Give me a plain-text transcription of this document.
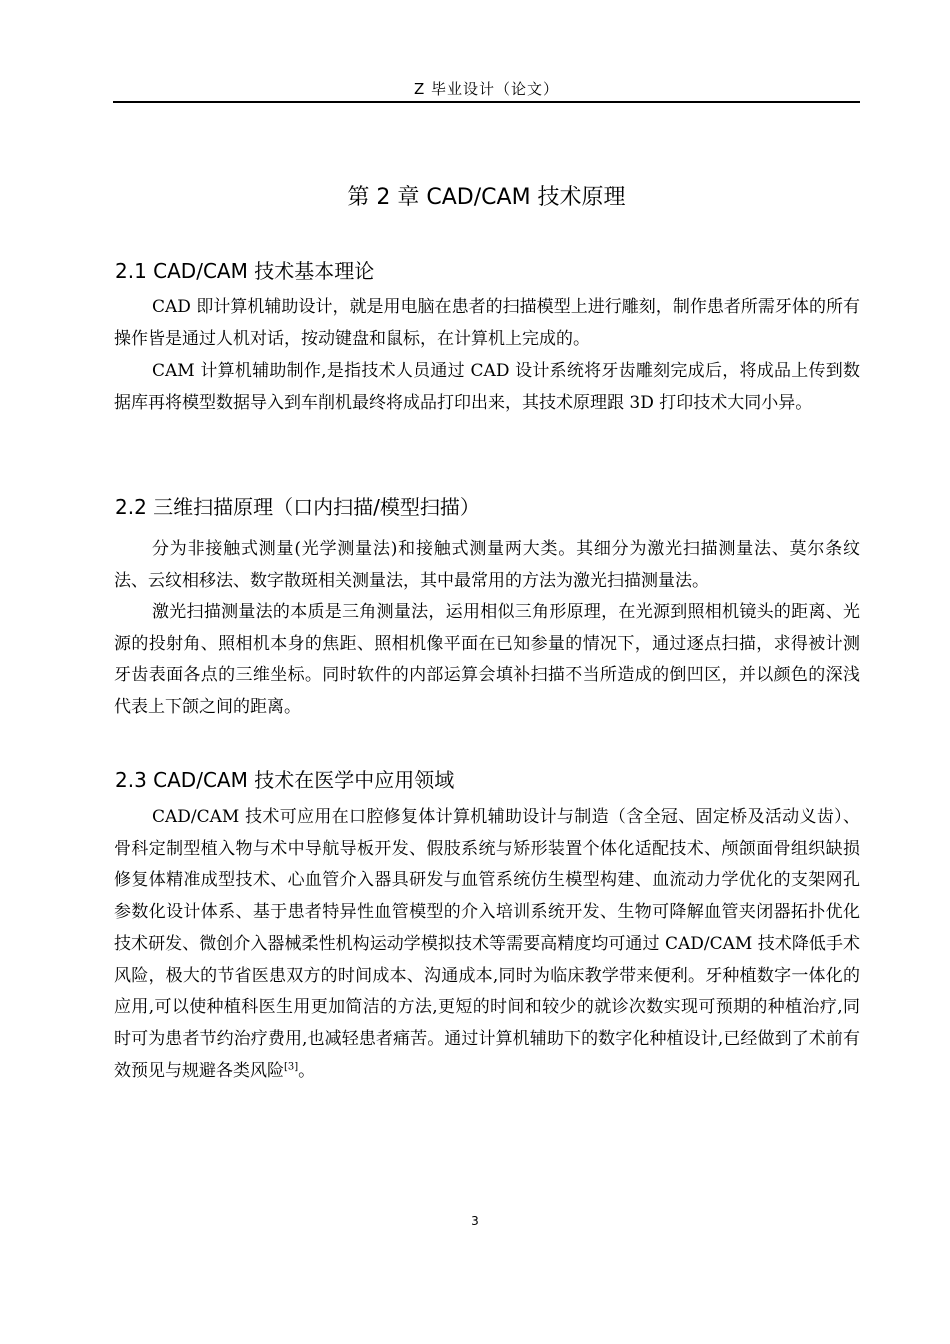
Z 毕业设计（论文）
第 2 章 CAD/CAM 技术原理
2.1 CAD/CAM 技术基本理论

CAD 即计算机辅助设计，就是用电脑在患者的扫描模型上进行雕刻，制作患者所需牙体的所有操作皆是通过人机对话，按动键盘和鼠标，在计算机上完成的。

CAM 计算机辅助制作,是指技术人员通过 CAD 设计系统将牙齿雕刻完成后，将成品上传到数据库再将模型数据导入到车削机最终将成品打印出来，其技术原理跟 3D 打印技术大同小异。

2.2 三维扫描原理（口内扫描/模型扫描）

分为非接触式测量(光学测量法)和接触式测量两大类。其细分为激光扫描测量法、莫尔条纹法、云纹相移法、数字散斑相关测量法，其中最常用的方法为激光扫描测量法。

激光扫描测量法的本质是三角测量法，运用相似三角形原理，在光源到照相机镜头的距离、光源的投射角、照相机本身的焦距、照相机像平面在已知参量的情况下，通过逐点扫描，求得被计测牙齿表面各点的三维坐标。同时软件的内部运算会填补扫描不当所造成的倒凹区，并以颜色的深浅代表上下颌之间的距离。

2.3 CAD/CAM 技术在医学中应用领域

CAD/CAM 技术可应用在口腔修复体计算机辅助设计与制造（含全冠、固定桥及活动义齿）、骨科定制型植入物与术中导航导板开发、假肢系统与矫形装置个体化适配技术、颅颌面骨组织缺损修复体精准成型技术、心血管介入器具研发与血管系统仿生模型构建、血流动力学优化的支架网孔参数化设计体系、基于患者特异性血管模型的介入培训系统开发、生物可降解血管夹闭器拓扑优化技术研发、微创介入器械柔性机构运动学模拟技术等需要高精度均可通过 CAD/CAM 技术降低手术风险，极大的节省医患双方的时间成本、沟通成本,同时为临床教学带来便利。牙种植数字一体化的应用,可以使种植科医生用更加简洁的方法,更短的时间和较少的就诊次数实现可预期的种植治疗,同时可为患者节约治疗费用,也减轻患者痛苦。通过计算机辅助下的数字化种植设计,已经做到了术前有效预见与规避各类风险[3]。

3
